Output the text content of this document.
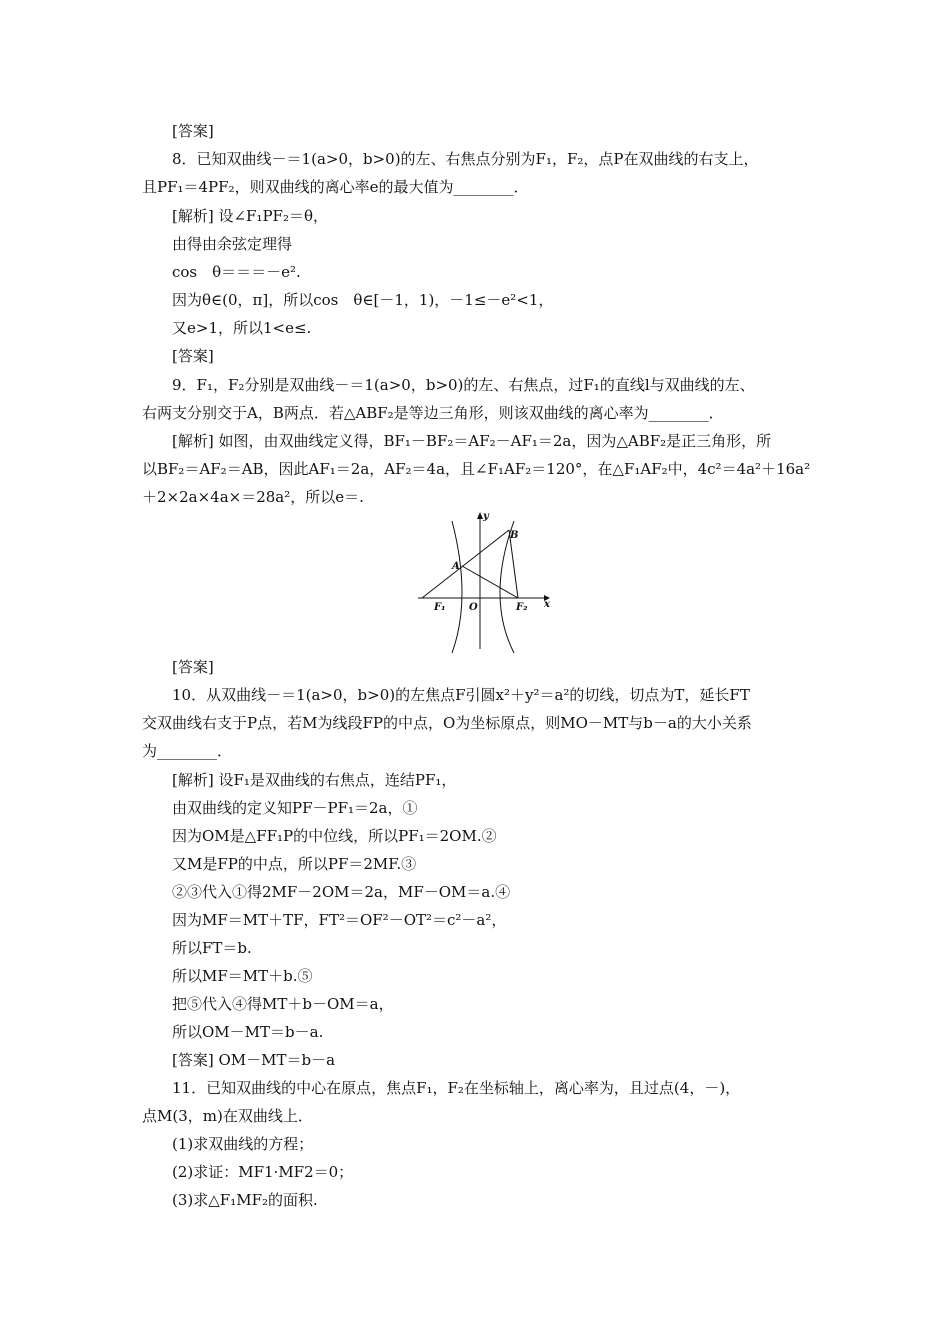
[答案]
8．已知双曲线－＝1(a>0，b>0)的左、右焦点分别为F₁，F₂，点P在双曲线的右支上，
且PF₁＝4PF₂，则双曲线的离心率e的最大值为________．
[解析] 设∠F₁PF₂＝θ，
由得由余弦定理得
cos　θ＝＝＝－e².
因为θ∈(0，π]，所以cos　θ∈[－1，1)，－1≤－e²<1，
又e>1，所以1<e≤.
[答案]
9．F₁，F₂分别是双曲线－＝1(a>0，b>0)的左、右焦点，过F₁的直线l与双曲线的左、
右两支分别交于A，B两点．若△ABF₂是等边三角形，则该双曲线的离心率为________．
[解析] 如图，由双曲线定义得，BF₁－BF₂＝AF₂－AF₁＝2a，因为△ABF₂是正三角形，所
以BF₂＝AF₂＝AB，因此AF₁＝2a，AF₂＝4a，且∠F₁AF₂＝120°，在△F₁AF₂中，4c²＝4a²＋16a²
＋2×2a×4a×＝28a²，所以e＝.
y
x
B
A
F₁ O	F₂
[答案]
10．从双曲线－＝1(a>0，b>0)的左焦点F引圆x²＋y²＝a²的切线，切点为T，延长FT
交双曲线右支于P点，若M为线段FP的中点，O为坐标原点，则MO－MT与b－a的大小关系
为________．
[解析] 设F₁是双曲线的右焦点，连结PF₁，
由双曲线的定义知PF－PF₁＝2a，①
因为OM是△FF₁P的中位线，所以PF₁＝2OM.②
又M是FP的中点，所以PF＝2MF.③
②③代入①得2MF－2OM＝2a，MF－OM＝a.④
因为MF＝MT＋TF，FT²＝OF²－OT²＝c²－a²，
所以FT＝b.
所以MF＝MT＋b.⑤
把⑤代入④得MT＋b－OM＝a，
所以OM－MT＝b－a.
[答案] OM－MT＝b－a
11．已知双曲线的中心在原点，焦点F₁，F₂在坐标轴上，离心率为，且过点(4，－)，
点M(3，m)在双曲线上．
(1)求双曲线的方程；
(2)求证：MF1·MF2＝0；
(3)求△F₁MF₂的面积.
